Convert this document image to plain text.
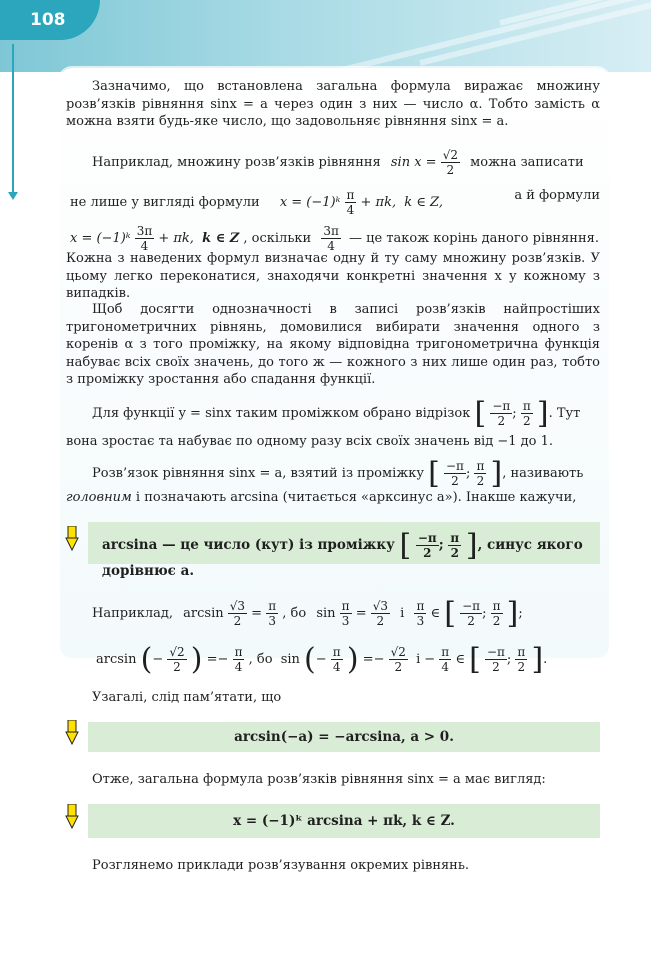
108
Зазначимо, що встановлена загальна формула виражає множину розв’язків рівняння sinx = a через один з них — число α. Тобто замість α можна взяти будь-яке число, що задовольняє рівняння sinx = a.
Наприклад, множину розв’язків рівняння $\sin x = \frac{√2}{2}$ можна записати
не лише у вигляді формули x = (−1)ᵏ $\frac{\pi}{4} + \pi k$, k ∈ Z,	а й формули
x = (−1)ᵏ $\frac{3\pi}{4} + \pi k$, k ∈ Z , оскільки $\frac{3\pi}{4}$ — це також корінь даного рівняння.
Кожна з наведених формул визначає одну й ту саму множину розв’язків. У цьому легко переконатися, знаходячи конкретні значення x у кожному з випадків.
Щоб досягти однозначності в записі розв’язків найпростіших тригонометричних рівнянь, домовилися вибирати значення одного з коренів α з того проміжку, на якому відповідна тригонометрична функція набуває всіх своїх значень, до того ж — кожного з них лише один раз, тобто з проміжку зростання або спадання функції.
Для функції y = sinx таким проміжком обрано відрізок [ $\frac{-\pi}{2}$ ; $\frac{\pi}{2}$ ]. Тут
вона зростає та набуває по одному разу всіх своїх значень від −1 до 1.
Розв’язок рівняння sinx = a, взятий із проміжку [ $\frac{-\pi}{2}$ ; $\frac{\pi}{2}$ ], називають
головним і позначають arcsina (читається «арксинус a»). Інакше кажучи,
arcsina — це число (кут) із проміжку [ $\frac{-\pi}{2}$ ; $\frac{\pi}{2}$ ], синус якого дорівнює a.
Наприклад, $\arcsin \frac{√3}{2} = \frac{\pi}{3}$ , бо $\sin \frac{\pi}{3} = \frac{√3}{2}$ і $\frac{\pi}{3}$ ∈ [ $\frac{-\pi}{2}$ ; $\frac{\pi}{2}$ ];
arcsin (− $\frac{√2}{2}$ ) =− $\frac{\pi}{4}$ , бо sin (− $\frac{\pi}{4}$ ) =− $\frac{√2}{2}$ $і - \frac{\pi}{4}$ ∈ [ $\frac{-\pi}{2}$ ; $\frac{\pi}{2}$ ].
Узагалі, слід пам’ятати, що
arcsin(−a) = −arcsina, a > 0.
Отже, загальна формула розв’язків рівняння sinx = a має вигляд:
x = (−1)ᵏ arcsina + πk, k ∈ Z.
Розглянемо приклади розв’язування окремих рівнянь.
